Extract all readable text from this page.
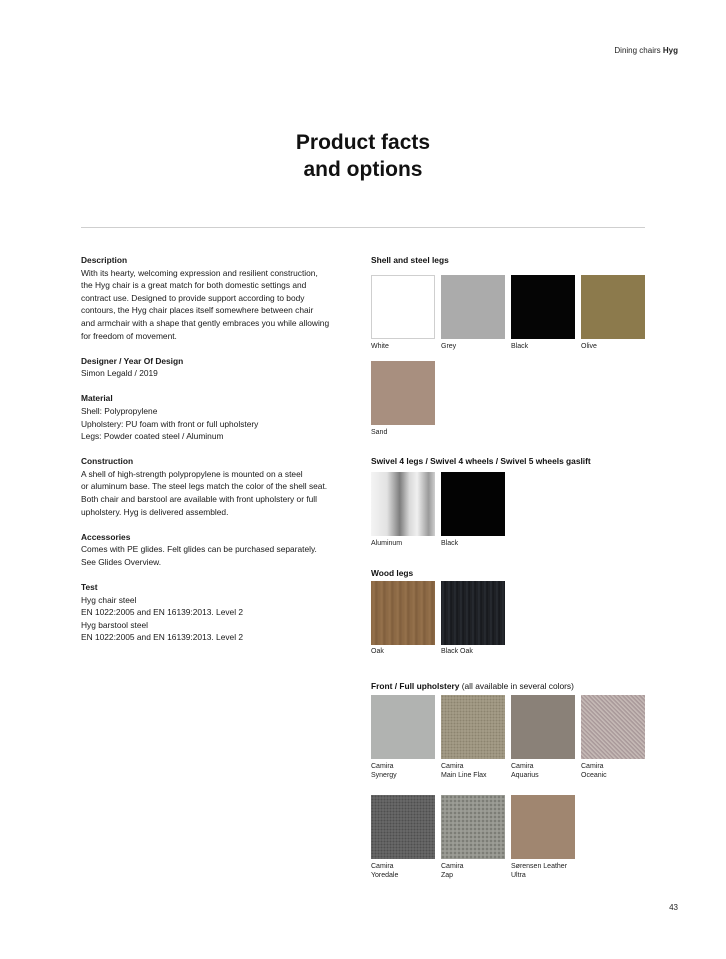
Dining chairs Hyg
Product facts
and options
Description

With its hearty, welcoming expression and resilient construction,
the Hyg chair is a great match for both domestic settings and
contract use. Designed to provide support according to body
contours, the Hyg chair places itself somewhere between chair
and armchair with a shape that gently embraces you while allowing
for freedom of movement.

Designer / Year Of Design

Simon Legald / 2019

Material

Shell: Polypropylene
Upholstery: PU foam with front or full upholstery
Legs: Powder coated steel / Aluminum

Construction

A shell of high-strength polypropylene is mounted on a steel
or aluminum base. The steel legs match the color of the shell seat.
Both chair and barstool are available with front upholstery or full
upholstery. Hyg is delivered assembled.

Accessories

Comes with PE glides. Felt glides can be purchased separately.
See Glides Overview.

Test

Hyg chair steel
EN 1022:2005 and EN 16139:2013. Level 2
Hyg barstool steel
EN 1022:2005 and EN 16139:2013. Level 2

Shell and steel legs
White	Grey	Black	Olive
Sand
Swivel 4 legs / Swivel 4 wheels / Swivel 5 wheels gaslift
Aluminum	Black
Wood legs
Oak	Black Oak
Front / Full upholstery (all available in several colors)
Camira
Synergy
Camira
Main Line Flax
Camira
Aquarius
Camira
Oceanic
Camira
Yoredale
Camira
Zap
Sørensen Leather
Ultra
43
